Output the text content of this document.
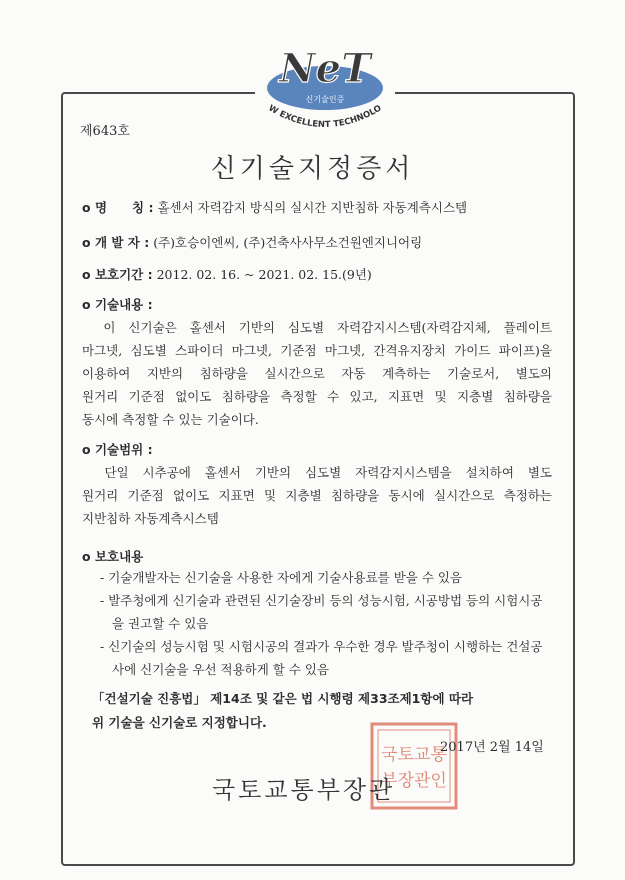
NeT
신기술인증
W EXCELLENT TECHNOLO
제643호
신기술지정증서
o 명　　칭 : 홀센서 자력감지 방식의 실시간 지반침하 자동계측시스템
o 개 발 자 : (주)호승이엔씨, (주)건축사사무소건원엔지니어링
o 보호기간 : 2012. 02. 16. ~ 2021. 02. 15.(9년)
o 기술내용 :

　이 신기술은 홀센서 기반의 심도별 자력감지시스템(자력감지체, 플레이트

마그넷, 심도별 스파이더 마그넷, 기준점 마그넷, 간격유지장치 가이드 파이프)을

이용하여 지반의 침하량을 실시간으로 자동 계측하는 기술로서, 별도의

원거리 기준점 없이도 침하량을 측정할 수 있고, 지표면 및 지층별 침하량을

동시에 측정할 수 있는 기술이다.

o 기술범위 :

　단일 시추공에 홀센서 기반의 심도별 자력감지시스템을 설치하여 별도

원거리 기준점 없이도 지표면 및 지층별 침하량을 동시에 실시간으로 측정하는

지반침하 자동계측시스템

o 보호내용

- 기술개발자는 신기술을 사용한 자에게 기술사용료를 받을 수 있음

- 발주청에게 신기술과 관련된 신기술장비 등의 성능시험, 시공방법 등의 시험시공을 권고할 수 있음

- 신기술의 성능시험 및 시험시공의 결과가 우수한 경우 발주청이 시행하는 건설공사에 신기술을 우선 적용하게 할 수 있음

「건설기술 진흥법」 제14조 및 같은 법 시행령 제33조제1항에 따라
위 기술을 신기술로 지정합니다.
국토교통
부장관인
2017년 2월 14일
국토교통부장관
